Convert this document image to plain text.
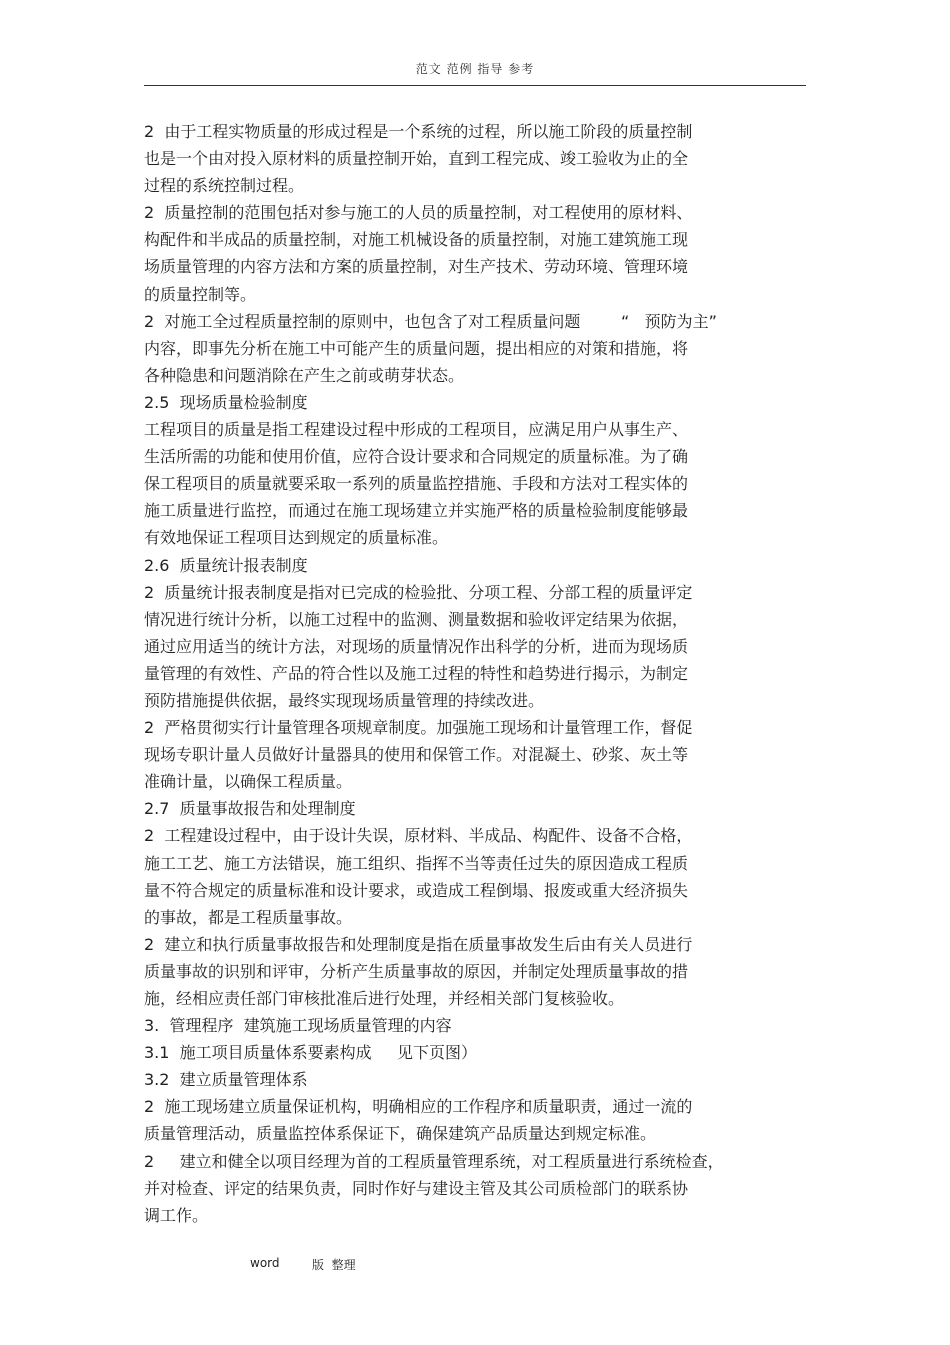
范文 范例 指导 参考
2  由于工程实物质量的形成过程是一个系统的过程，所以施工阶段的质量控制
也是一个由对投入原材料的质量控制开始，直到工程完成、竣工验收为止的全
过程的系统控制过程。
2  质量控制的范围包括对参与施工的人员的质量控制，对工程使用的原材料、
构配件和半成品的质量控制，对施工机械设备的质量控制，对施工建筑施工现
场质量管理的内容方法和方案的质量控制，对生产技术、劳动环境、管理环境
的质量控制等。
2  对施工全过程质量控制的原则中，也包含了对工程质量问题        “   预防为主”
内容，即事先分析在施工中可能产生的质量问题，提出相应的对策和措施，将
各种隐患和问题消除在产生之前或萌芽状态。
2.5  现场质量检验制度
工程项目的质量是指工程建设过程中形成的工程项目，应满足用户从事生产、
生活所需的功能和使用价值，应符合设计要求和合同规定的质量标准。为了确
保工程项目的质量就要采取一系列的质量监控措施、手段和方法对工程实体的
施工质量进行监控，而通过在施工现场建立并实施严格的质量检验制度能够最
有效地保证工程项目达到规定的质量标准。
2.6  质量统计报表制度
2  质量统计报表制度是指对已完成的检验批、分项工程、分部工程的质量评定
情况进行统计分析，以施工过程中的监测、测量数据和验收评定结果为依据，
通过应用适当的统计方法，对现场的质量情况作出科学的分析，进而为现场质
量管理的有效性、产品的符合性以及施工过程的特性和趋势进行揭示，为制定
预防措施提供依据，最终实现现场质量管理的持续改进。
2  严格贯彻实行计量管理各项规章制度。加强施工现场和计量管理工作，督促
现场专职计量人员做好计量器具的使用和保管工作。对混凝土、砂浆、灰土等
准确计量，以确保工程质量。
2.7  质量事故报告和处理制度
2  工程建设过程中，由于设计失误，原材料、半成品、构配件、设备不合格，
施工工艺、施工方法错误，施工组织、指挥不当等责任过失的原因造成工程质
量不符合规定的质量标准和设计要求，或造成工程倒塌、报废或重大经济损失
的事故，都是工程质量事故。
2  建立和执行质量事故报告和处理制度是指在质量事故发生后由有关人员进行
质量事故的识别和评审，分析产生质量事故的原因，并制定处理质量事故的措
施，经相应责任部门审核批准后进行处理，并经相关部门复核验收。
3.  管理程序  建筑施工现场质量管理的内容
3.1  施工项目质量体系要素构成     见下页图）
3.2  建立质量管理体系
2  施工现场建立质量保证机构，明确相应的工作程序和质量职责，通过一流的
质量管理活动，质量监控体系保证下，确保建筑产品质量达到规定标准。
2     建立和健全以项目经理为首的工程质量管理系统，对工程质量进行系统检查，
并对检查、评定的结果负责，同时作好与建设主管及其公司质检部门的联系协
调工作。
word	版  整理
